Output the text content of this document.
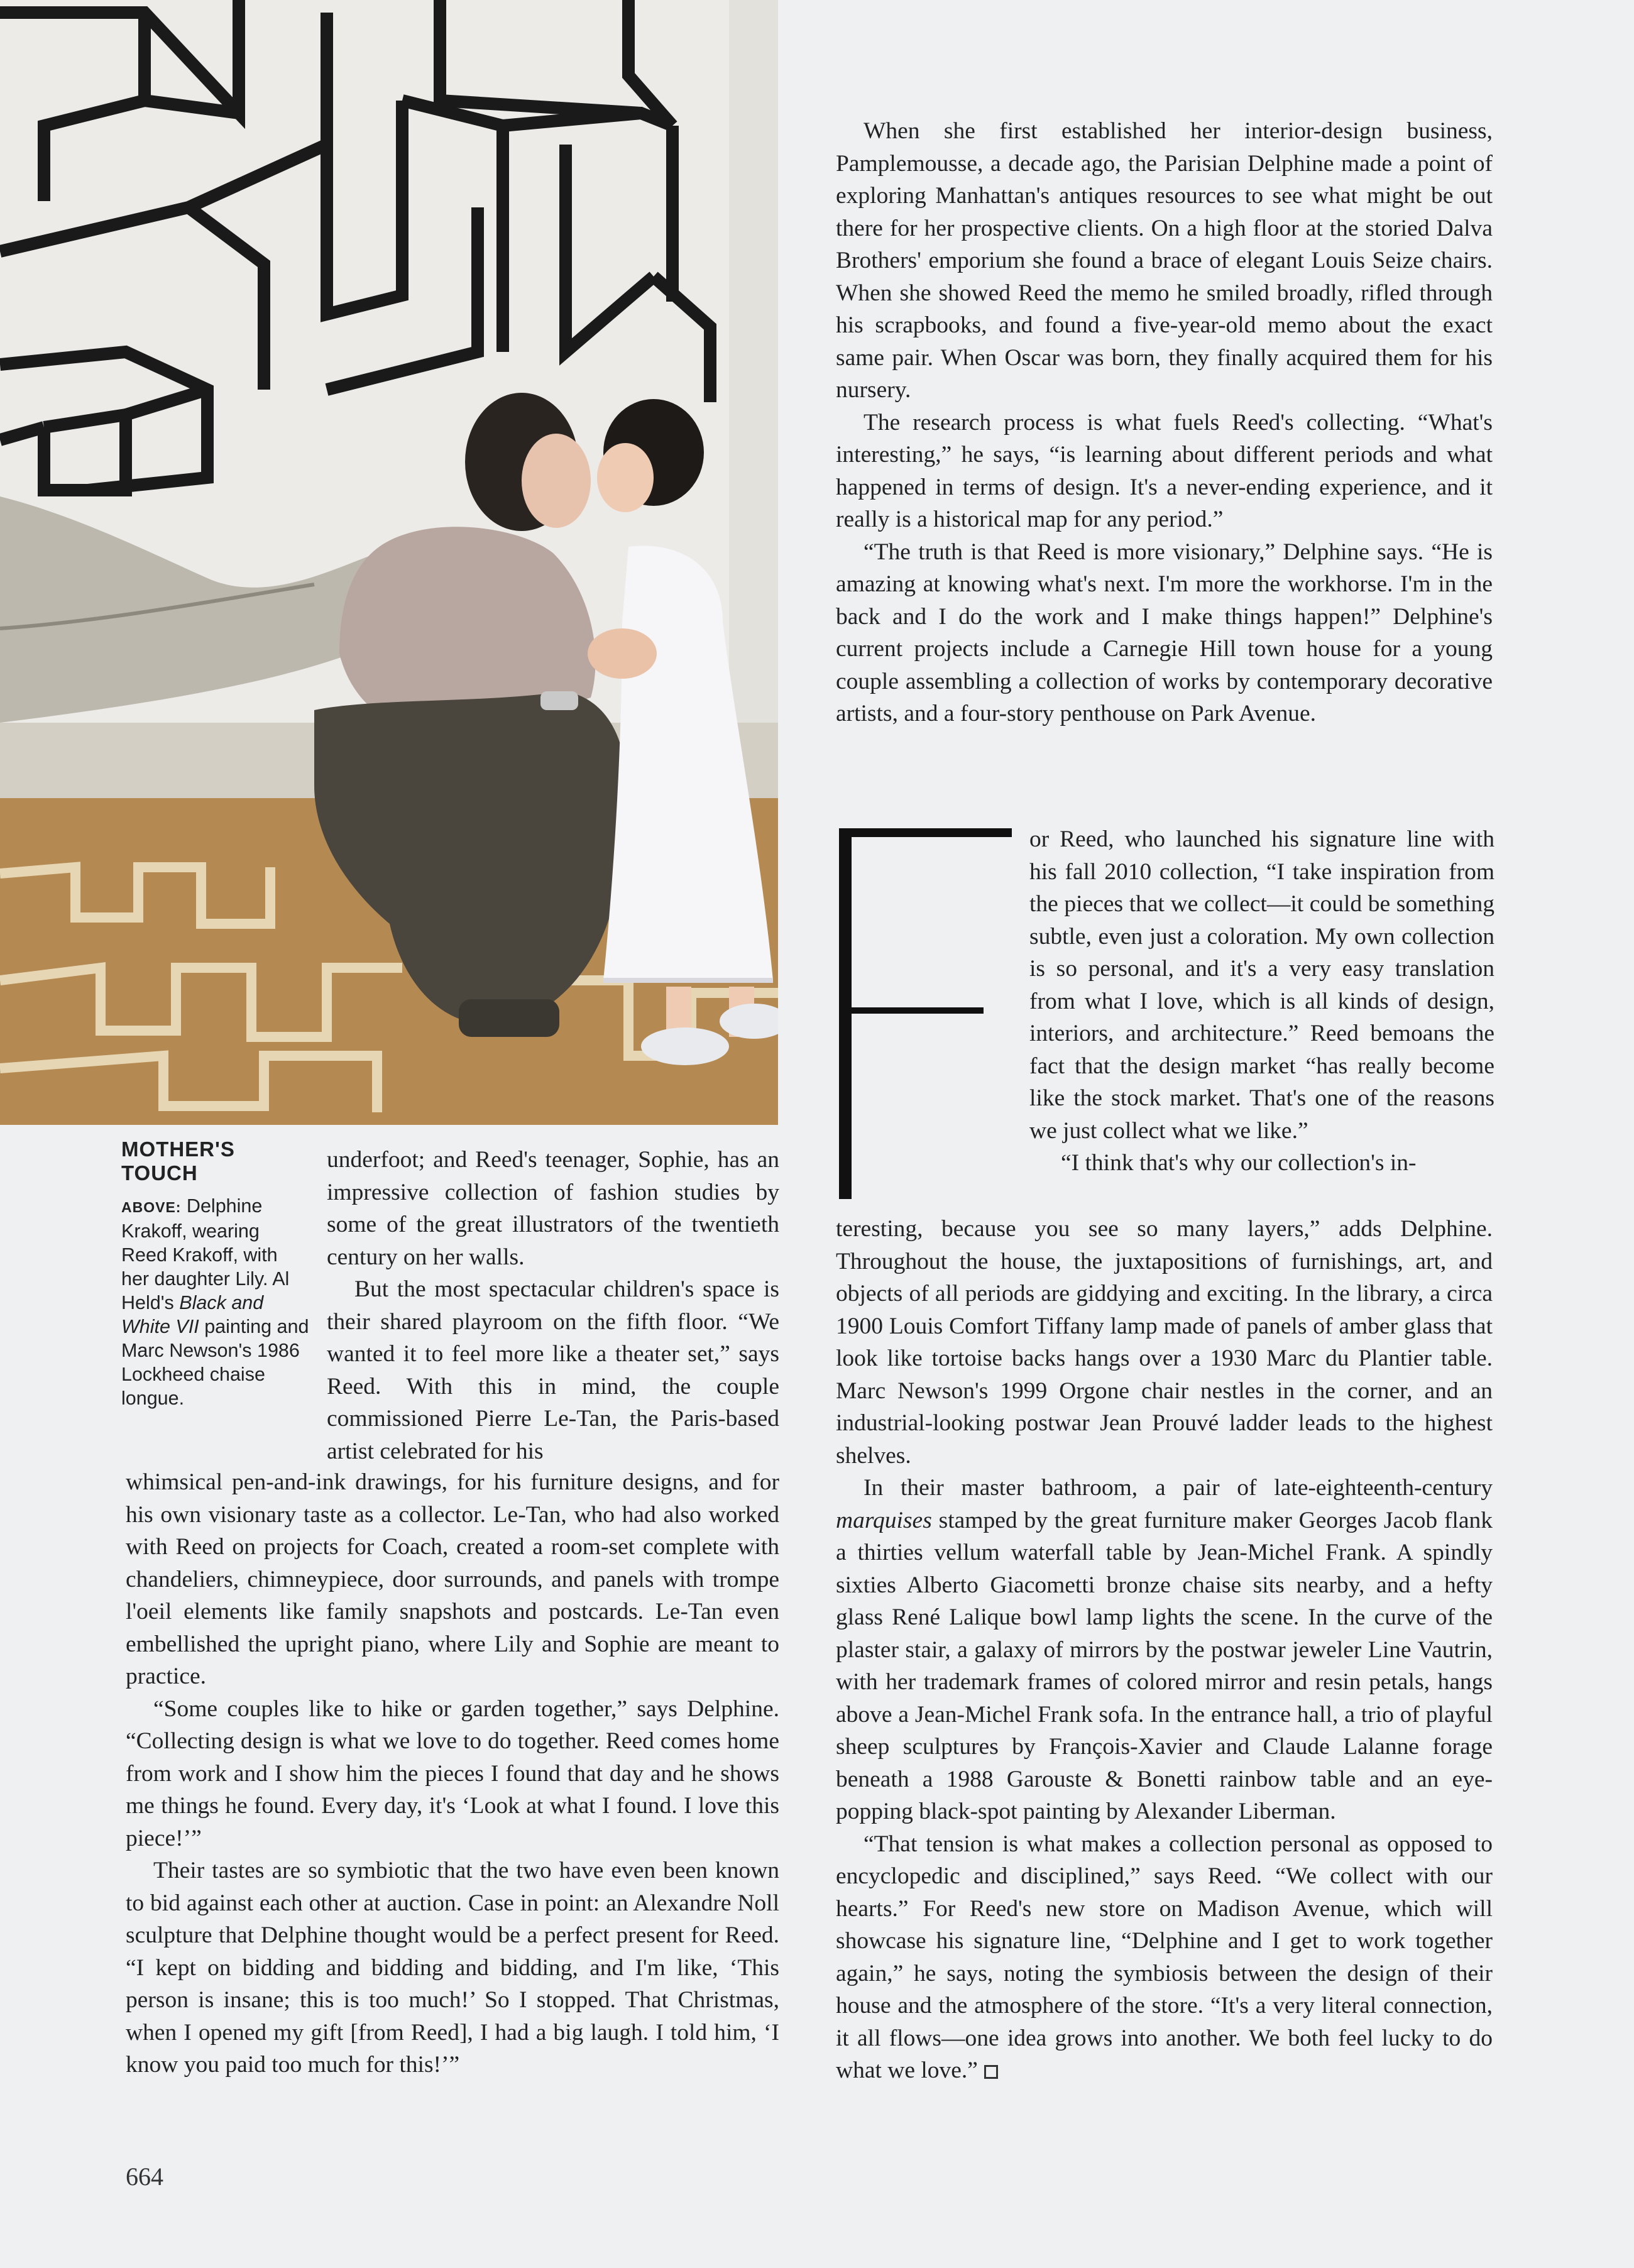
MOTHER'S
TOUCH

ABOVE: Delphine Krakoff, wearing Reed Krakoff, with her daughter Lily. Al Held's Black and White VII painting and Marc Newson's 1986 Lockheed chaise longue.

underfoot; and Reed's teenager, Sophie, has an impressive collection of fashion studies by some of the great illustrators of the twentieth century on her walls.

But the most spectacular children's space is their shared playroom on the fifth floor. “We wanted it to feel more like a theater set,” says Reed. With this in mind, the couple commissioned Pierre Le-Tan, the Paris-based artist celebrated for his

whimsical pen-and-ink drawings, for his furniture designs, and for his own visionary taste as a collector. Le-Tan, who had also worked with Reed on projects for Coach, created a room-set complete with chandeliers, chimneypiece, door surrounds, and panels with trompe l'oeil elements like family snapshots and postcards. Le-Tan even embellished the upright piano, where Lily and Sophie are meant to practice.

“Some couples like to hike or garden together,” says Delphine. “Collecting design is what we love to do together. Reed comes home from work and I show him the pieces I found that day and he shows me things he found. Every day, it's ‘Look at what I found. I love this piece!’”

Their tastes are so symbiotic that the two have even been known to bid against each other at auction. Case in point: an Alexandre Noll sculpture that Delphine thought would be a perfect present for Reed. “I kept on bidding and bidding and bidding, and I'm like, ‘This person is insane; this is too much!’ So I stopped. That Christmas, when I opened my gift [from Reed], I had a big laugh. I told him, ‘I know you paid too much for this!’”

When she first established her interior-design business, Pamplemousse, a decade ago, the Parisian Delphine made a point of exploring Manhattan's antiques resources to see what might be out there for her prospective clients. On a high floor at the storied Dalva Brothers' emporium she found a brace of elegant Louis Seize chairs. When she showed Reed the memo he smiled broadly, rifled through his scrapbooks, and found a five-year-old memo about the exact same pair. When Oscar was born, they finally acquired them for his nursery.

The research process is what fuels Reed's collecting. “What's interesting,” he says, “is learning about different periods and what happened in terms of design. It's a never-ending experience, and it really is a historical map for any period.”

“The truth is that Reed is more visionary,” Delphine says. “He is amazing at knowing what's next. I'm more the workhorse. I'm in the back and I do the work and I make things happen!” Delphine's current projects include a Carnegie Hill town house for a young couple assembling a collection of works by contemporary decorative artists, and a four-story penthouse on Park Avenue.

or Reed, who launched his signature line with his fall 2010 collection, “I take inspiration from the pieces that we collect—it could be something subtle, even just a coloration. My own collection is so personal, and it's a very easy translation from what I love, which is all kinds of design, interiors, and architecture.” Reed bemoans the fact that the design market “has really become like the stock market. That's one of the reasons we just collect what we like.”

“I think that's why our collection's in-

teresting, because you see so many layers,” adds Delphine. Throughout the house, the juxtapositions of furnishings, art, and objects of all periods are giddying and exciting. In the library, a circa 1900 Louis Comfort Tiffany lamp made of panels of amber glass that look like tortoise backs hangs over a 1930 Marc du Plantier table. Marc Newson's 1999 Orgone chair nestles in the corner, and an industrial-looking postwar Jean Prouvé ladder leads to the highest shelves.

In their master bathroom, a pair of late-eighteenth-century marquises stamped by the great furniture maker Georges Jacob flank a thirties vellum waterfall table by Jean-Michel Frank. A spindly sixties Alberto Giacometti bronze chaise sits nearby, and a hefty glass René Lalique bowl lamp lights the scene. In the curve of the plaster stair, a galaxy of mirrors by the postwar jeweler Line Vautrin, with her trademark frames of colored mirror and resin petals, hangs above a Jean-Michel Frank sofa. In the entrance hall, a trio of playful sheep sculptures by François-Xavier and Claude Lalanne forage beneath a 1988 Garouste & Bonetti rainbow table and an eye-popping black-spot painting by Alexander Liberman.

“That tension is what makes a collection personal as opposed to encyclopedic and disciplined,” says Reed. “We collect with our hearts.” For Reed's new store on Madison Avenue, which will showcase his signature line, “Delphine and I get to work together again,” he says, noting the symbiosis between the design of their house and the atmosphere of the store. “It's a very literal connection, it all flows—one idea grows into another. We both feel lucky to do what we love.”

664
